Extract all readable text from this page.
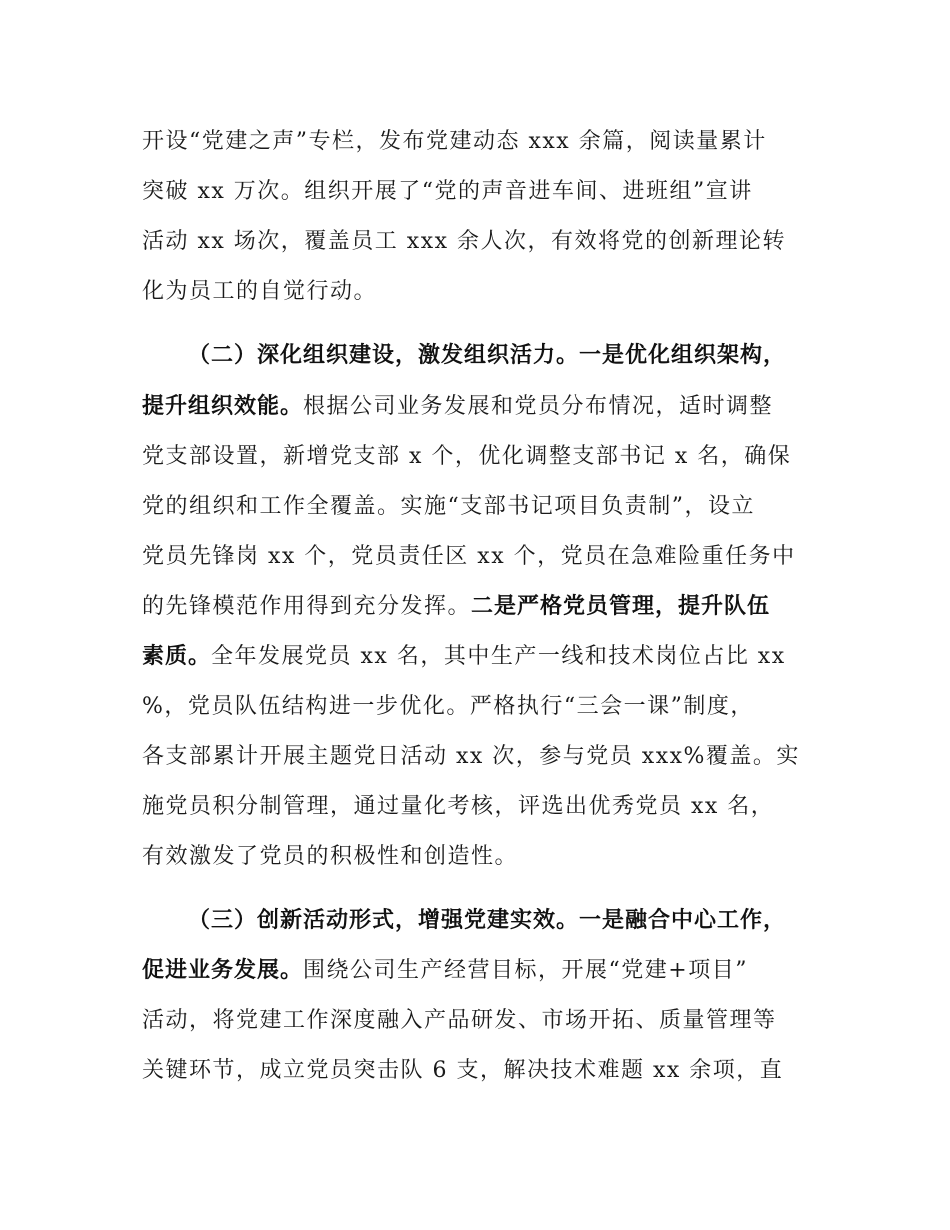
开设“党建之声”专栏，发布党建动态 xxx 余篇，阅读量累计
突破 xx 万次。组织开展了“党的声音进车间、进班组”宣讲
活动 xx 场次，覆盖员工 xxx 余人次，有效将党的创新理论转
化为员工的自觉行动。
（二）深化组织建设，激发组织活力。一是优化组织架构，
提升组织效能。根据公司业务发展和党员分布情况，适时调整
党支部设置，新增党支部 x 个，优化调整支部书记 x 名，确保
党的组织和工作全覆盖。实施“支部书记项目负责制”，设立
党员先锋岗 xx 个，党员责任区 xx 个，党员在急难险重任务中
的先锋模范作用得到充分发挥。二是严格党员管理，提升队伍
素质。全年发展党员 xx 名，其中生产一线和技术岗位占比 xx
%，党员队伍结构进一步优化。严格执行“三会一课”制度，
各支部累计开展主题党日活动 xx 次，参与党员 xxx%覆盖。实
施党员积分制管理，通过量化考核，评选出优秀党员 xx 名，
有效激发了党员的积极性和创造性。
（三）创新活动形式，增强党建实效。一是融合中心工作，
促进业务发展。围绕公司生产经营目标，开展“党建+项目”
活动，将党建工作深度融入产品研发、市场开拓、质量管理等
关键环节，成立党员突击队 6 支，解决技术难题 xx 余项，直
